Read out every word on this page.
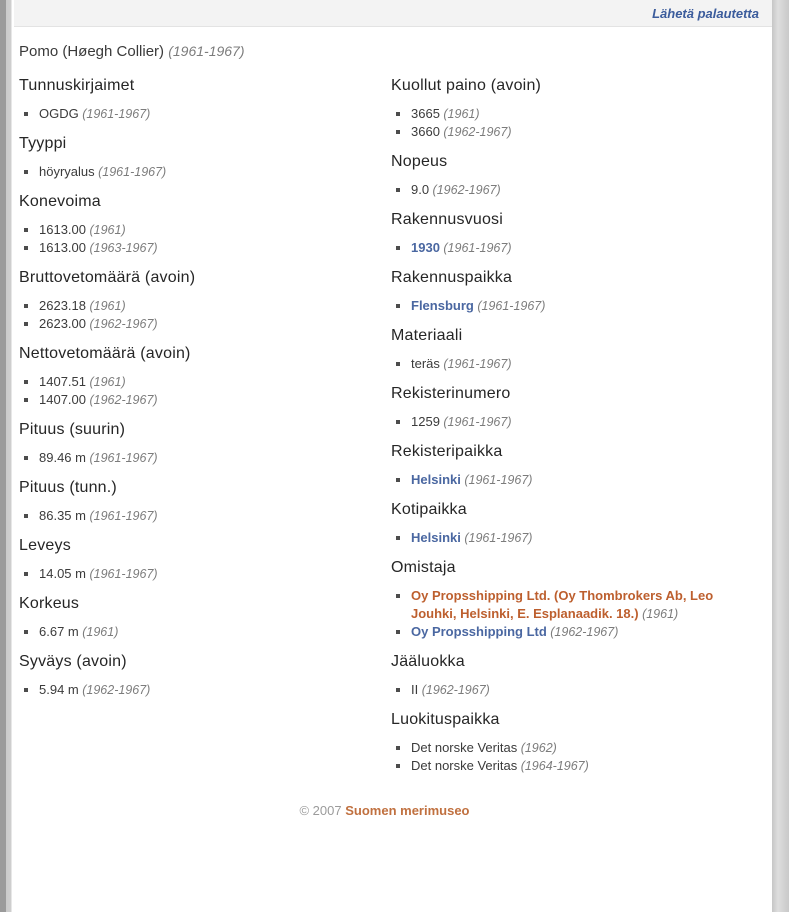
Lähetä palautetta
Pomo (Høegh Collier) (1961-1967)
Tunnuskirjaimet
OGDG (1961-1967)
Tyyppi
höyryalus (1961-1967)
Konevoima
1613.00 (1961)
1613.00 (1963-1967)
Bruttovetomäärä (avoin)
2623.18 (1961)
2623.00 (1962-1967)
Nettovetomäärä (avoin)
1407.51 (1961)
1407.00 (1962-1967)
Pituus (suurin)
89.46 m (1961-1967)
Pituus (tunn.)
86.35 m (1961-1967)
Leveys
14.05 m (1961-1967)
Korkeus
6.67 m (1961)
Syväys (avoin)
5.94 m (1962-1967)
Kuollut paino (avoin)
3665 (1961)
3660 (1962-1967)
Nopeus
9.0 (1962-1967)
Rakennusvuosi
1930 (1961-1967)
Rakennuspaikka
Flensburg (1961-1967)
Materiaali
teräs (1961-1967)
Rekisterinumero
1259 (1961-1967)
Rekisteripaikka
Helsinki (1961-1967)
Kotipaikka
Helsinki (1961-1967)
Omistaja
Oy Propsshipping Ltd. (Oy Thombrokers Ab, Leo Jouhki, Helsinki, E. Esplanaadik. 18.) (1961)
Oy Propsshipping Ltd (1962-1967)
Jääluokka
II (1962-1967)
Luokituspaikka
Det norske Veritas (1962)
Det norske Veritas (1964-1967)
© 2007 Suomen merimuseo
